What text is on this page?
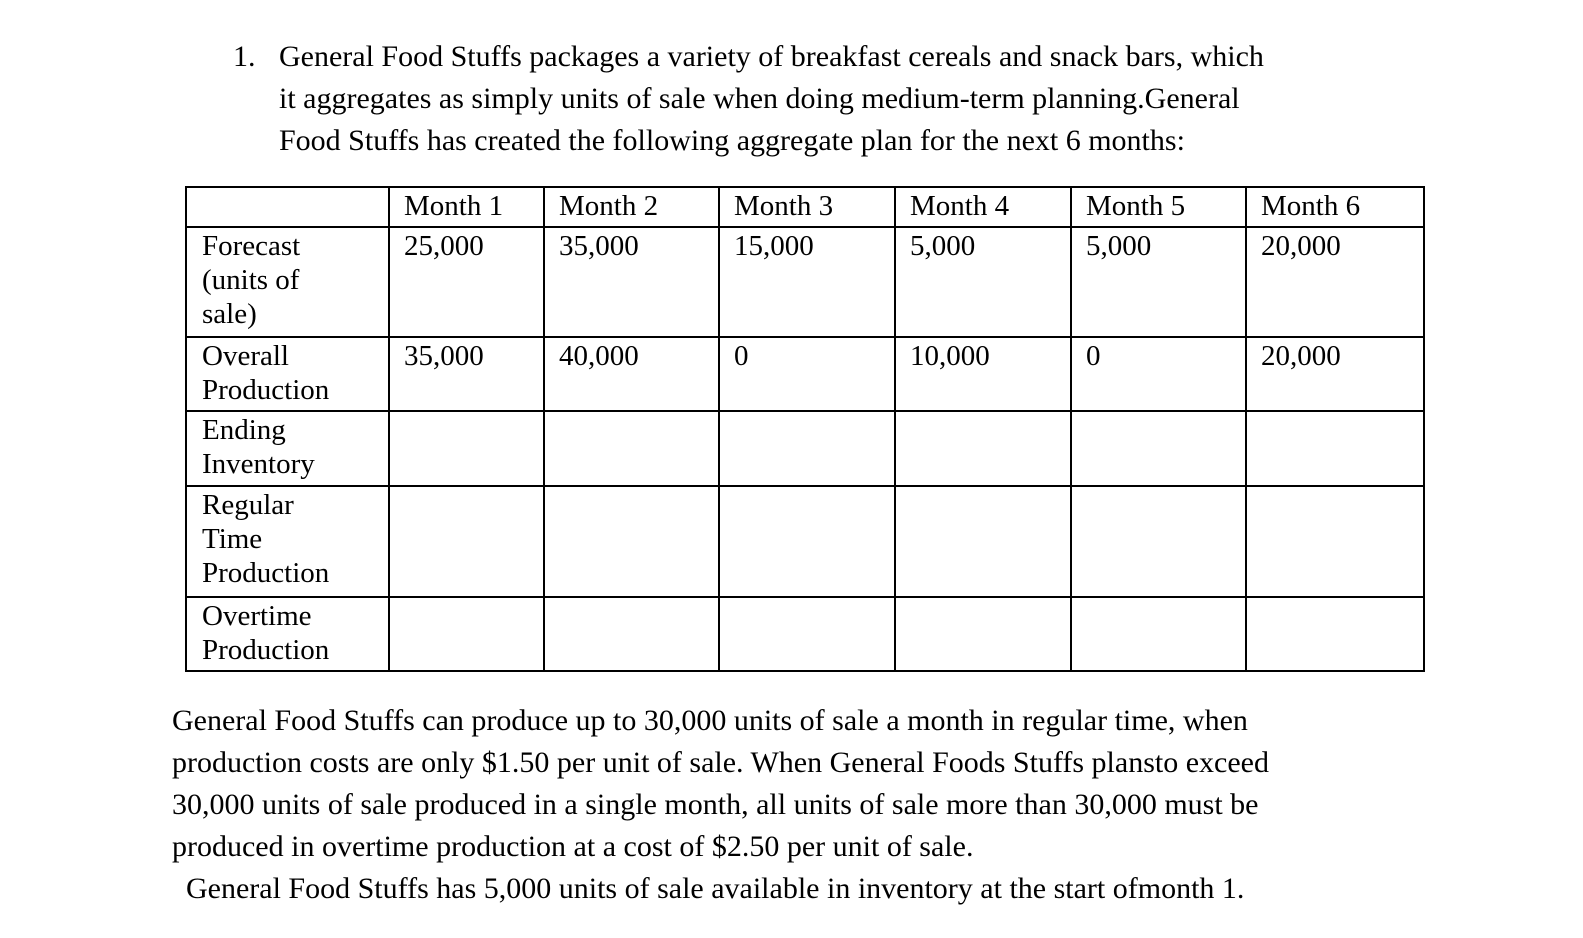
1. General Food Stuffs packages a variety of breakfast cereals and snack bars, which
it aggregates as simply units of sale when doing medium-term planning.General
Food Stuffs has created the following aggregate plan for the next 6 months:
	Month 1	Month 2	Month 3	Month 4	Month 5	Month 6

Forecast
(units of
sale)	25,000	35,000	15,000	5,000	5,000	20,000

Overall
Production	35,000	40,000	0	10,000	0	20,000

Ending
Inventory						

Regular
Time
Production						

Overtime
Production						

General Food Stuffs can produce up to 30,000 units of sale a month in regular time, when
production costs are only $1.50 per unit of sale. When General Foods Stuffs plansto exceed
30,000 units of sale produced in a single month, all units of sale more than 30,000 must be
produced in overtime production at a cost of $2.50 per unit of sale.
General Food Stuffs has 5,000 units of sale available in inventory at the start ofmonth 1.
